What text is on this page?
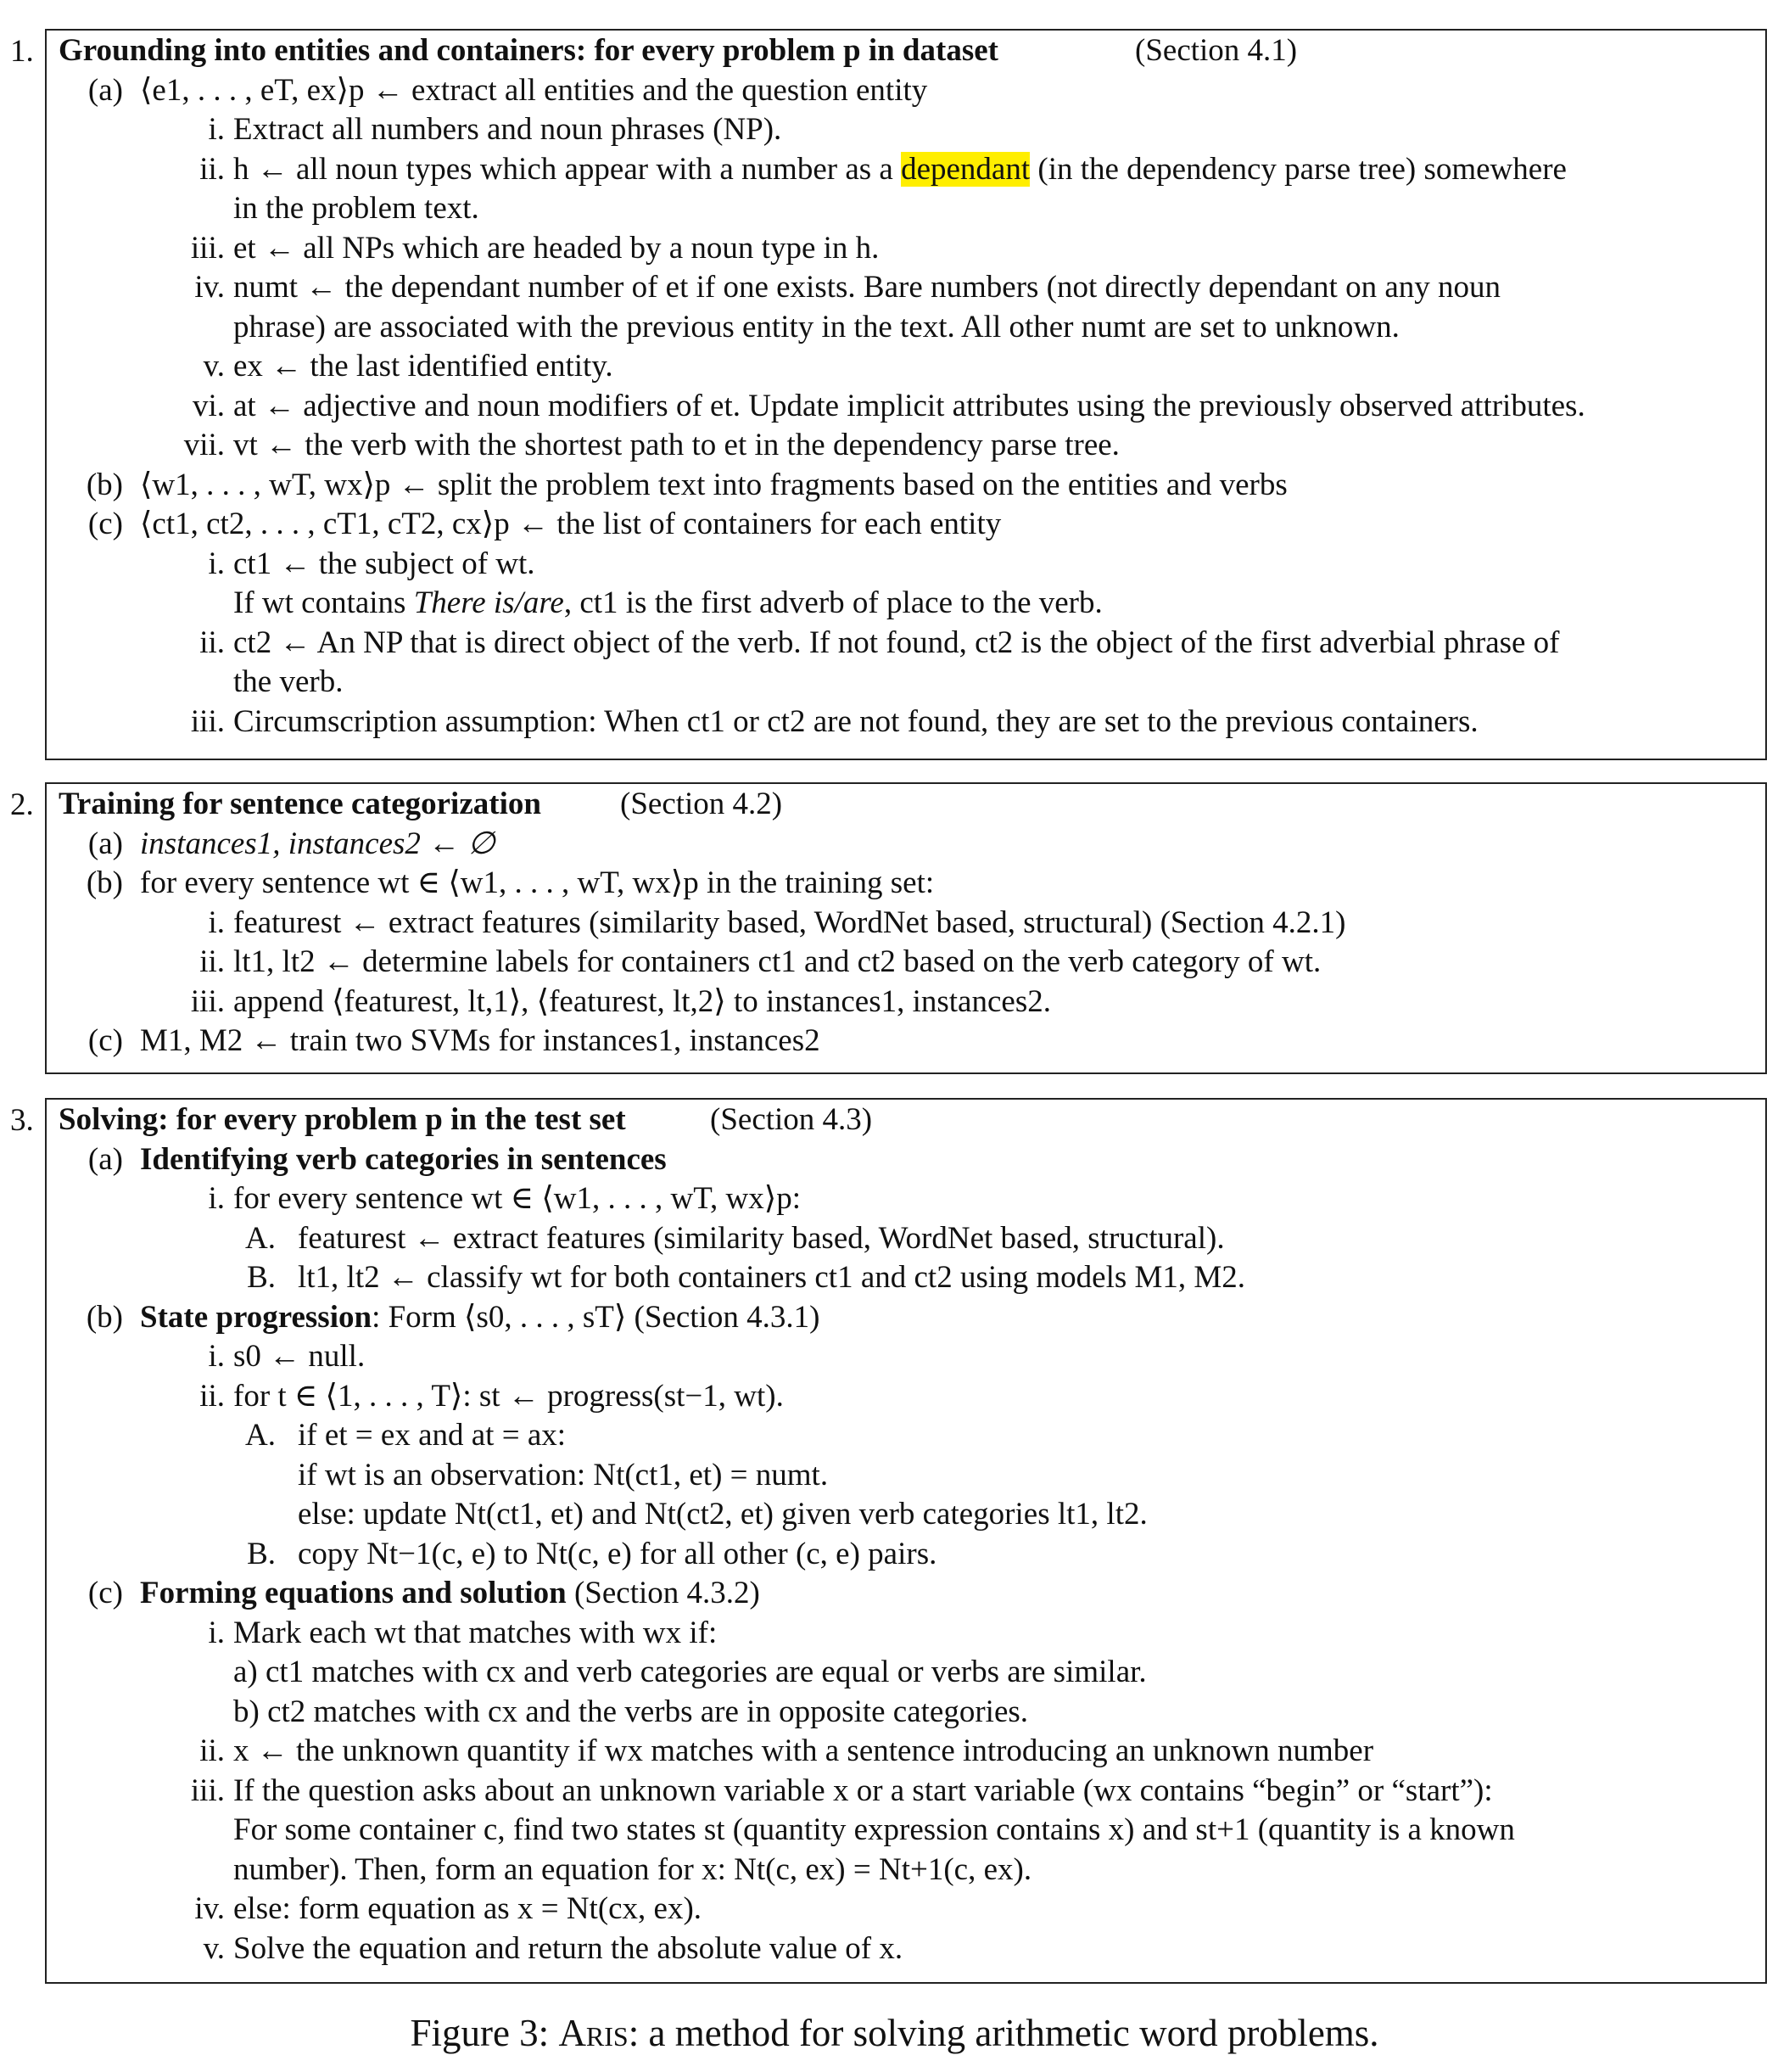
1. Grounding into entities and containers: for every problem p in dataset	(Section 4.1)
(a) ⟨e1, . . . , eT, ex⟩p ← extract all entities and the question entity
i. Extract all numbers and noun phrases (NP).
ii. h ← all noun types which appear with a number as a dependant (in the dependency parse tree) somewhere
in the problem text.
iii. et ← all NPs which are headed by a noun type in h.
iv. numt ← the dependant number of et if one exists. Bare numbers (not directly dependant on any noun
phrase) are associated with the previous entity in the text. All other numt are set to unknown.
v. ex ← the last identified entity.
vi. at ← adjective and noun modifiers of et. Update implicit attributes using the previously observed attributes.
vii. vt ← the verb with the shortest path to et in the dependency parse tree.
(b) ⟨w1, . . . , wT, wx⟩p ← split the problem text into fragments based on the entities and verbs
(c) ⟨ct1, ct2, . . . , cT1, cT2, cx⟩p ← the list of containers for each entity
i. ct1 ← the subject of wt.
If wt contains There is/are, ct1 is the first adverb of place to the verb.
ii. ct2 ← An NP that is direct object of the verb. If not found, ct2 is the object of the first adverbial phrase of
the verb.
iii. Circumscription assumption: When ct1 or ct2 are not found, they are set to the previous containers.
2. Training for sentence categorization	(Section 4.2)
(a) instances1, instances2 ← ∅
(b) for every sentence wt ∈ ⟨w1, . . . , wT, wx⟩p in the training set:
i. featurest ← extract features (similarity based, WordNet based, structural) (Section 4.2.1)
ii. lt1, lt2 ← determine labels for containers ct1 and ct2 based on the verb category of wt.
iii. append ⟨featurest, lt,1⟩, ⟨featurest, lt,2⟩ to instances1, instances2.
(c) M1, M2 ← train two SVMs for instances1, instances2
3. Solving: for every problem p in the test set	(Section 4.3)
(a) Identifying verb categories in sentences
i. for every sentence wt ∈ ⟨w1, . . . , wT, wx⟩p:
A. featurest ← extract features (similarity based, WordNet based, structural).
B. lt1, lt2 ← classify wt for both containers ct1 and ct2 using models M1, M2.
(b) State progression: Form ⟨s0, . . . , sT⟩ (Section 4.3.1)
i. s0 ← null.
ii. for t ∈ ⟨1, . . . , T⟩: st ← progress(st−1, wt).
A. if et = ex and at = ax:
if wt is an observation: Nt(ct1, et) = numt.
else: update Nt(ct1, et) and Nt(ct2, et) given verb categories lt1, lt2.
B. copy Nt−1(c, e) to Nt(c, e) for all other (c, e) pairs.
(c) Forming equations and solution (Section 4.3.2)
i. Mark each wt that matches with wx if:
a) ct1 matches with cx and verb categories are equal or verbs are similar.
b) ct2 matches with cx and the verbs are in opposite categories.
ii. x ← the unknown quantity if wx matches with a sentence introducing an unknown number
iii. If the question asks about an unknown variable x or a start variable (wx contains “begin” or “start”):
For some container c, find two states st (quantity expression contains x) and st+1 (quantity is a known
number). Then, form an equation for x: Nt(c, ex) = Nt+1(c, ex).
iv. else: form equation as x = Nt(cx, ex).
v. Solve the equation and return the absolute value of x.
Figure 3: Aris: a method for solving arithmetic word problems.
